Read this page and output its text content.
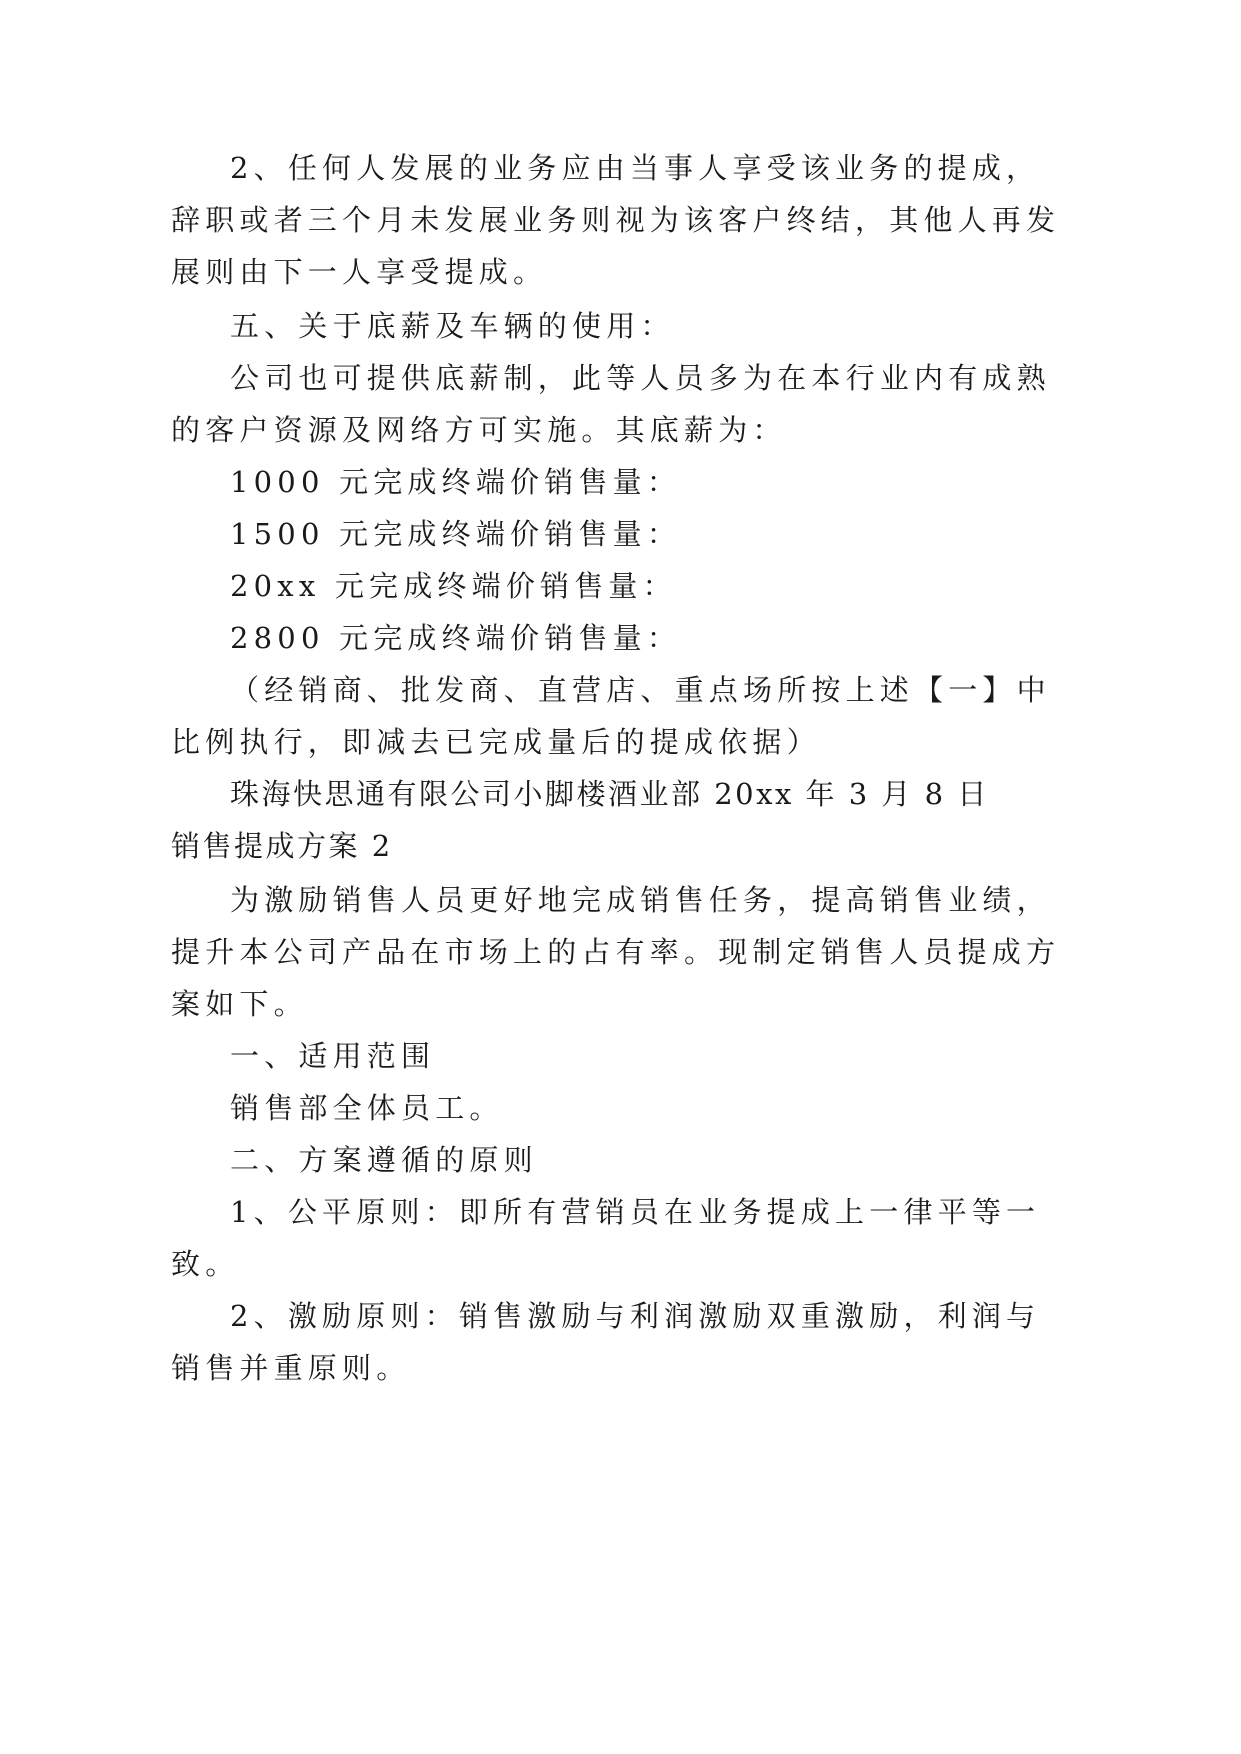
2、任何人发展的业务应由当事人享受该业务的提成，
辞职或者三个月未发展业务则视为该客户终结，其他人再发
展则由下一人享受提成。
五、关于底薪及车辆的使用：
公司也可提供底薪制，此等人员多为在本行业内有成熟
的客户资源及网络方可实施。其底薪为：
1000 元完成终端价销售量：
1500 元完成终端价销售量：
20xx 元完成终端价销售量：
2800 元完成终端价销售量：
（经销商、批发商、直营店、重点场所按上述【一】中
比例执行，即减去已完成量后的提成依据）
珠海快思通有限公司小脚楼酒业部 20xx 年 3 月 8 日
销售提成方案 2
为激励销售人员更好地完成销售任务，提高销售业绩，
提升本公司产品在市场上的占有率。现制定销售人员提成方
案如下。
一、适用范围
销售部全体员工。
二、方案遵循的原则
1、公平原则：即所有营销员在业务提成上一律平等一
致。
2、激励原则：销售激励与利润激励双重激励，利润与
销售并重原则。
